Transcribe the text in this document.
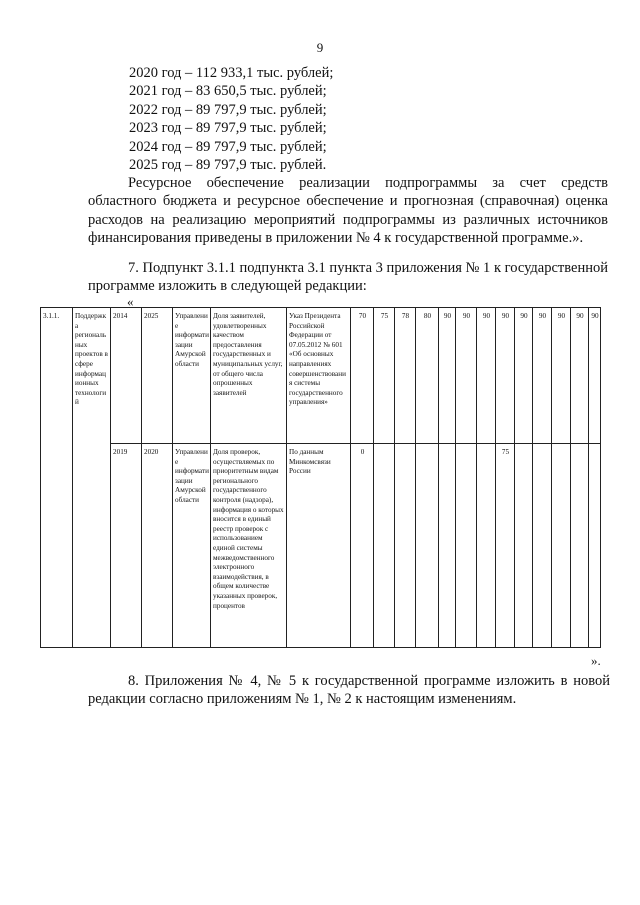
9
2020 год – 112 933,1 тыс. рублей;
2021 год – 83 650,5 тыс. рублей;
2022 год – 89 797,9 тыс. рублей;
2023 год – 89 797,9 тыс. рублей;
2024 год – 89 797,9 тыс. рублей;
2025 год – 89 797,9 тыс. рублей.

Ресурсное обеспечение реализации подпрограммы за счет средств областного бюджета и ресурсное обеспечение и прогнозная (справочная) оценка расходов на реализацию мероприятий подпрограммы из различных источников финансирования приведены в приложении № 4 к государственной программе.».

7. Подпункт 3.1.1 подпункта 3.1 пункта 3 приложения № 1 к государственной программе изложить в следующей редакции:

«
3.1.1.	Поддержка региональных проектов в сфере информационных технологий	2014	2025	Управление информатизации Амурской области	Доля заявителей, удовлетворенных качеством предоставления государственных и муниципальных услуг, от общего числа опрошенных заявителей	Указ Президента Российской Федерации от 07.05.2012 № 601 «Об основных направлениях совершенствования системы государственного управления»	70	75	78	80	90	90	90	90	90	90	90	90	90
		2019	2020	Управление информатизации Амурской области	Доля проверок, осуществляемых по приоритетным видам регионального государственного контроля (надзора), информация о которых вносится в единый реестр проверок с использованием единой системы межведомственного электронного взаимодействия, в общем количестве указанных проверок, процентов	По данным Минкомсвязи России	0							75					
».

8. Приложения № 4, № 5 к государственной программе изложить в новой редакции согласно приложениям № 1, № 2 к настоящим изменениям.
